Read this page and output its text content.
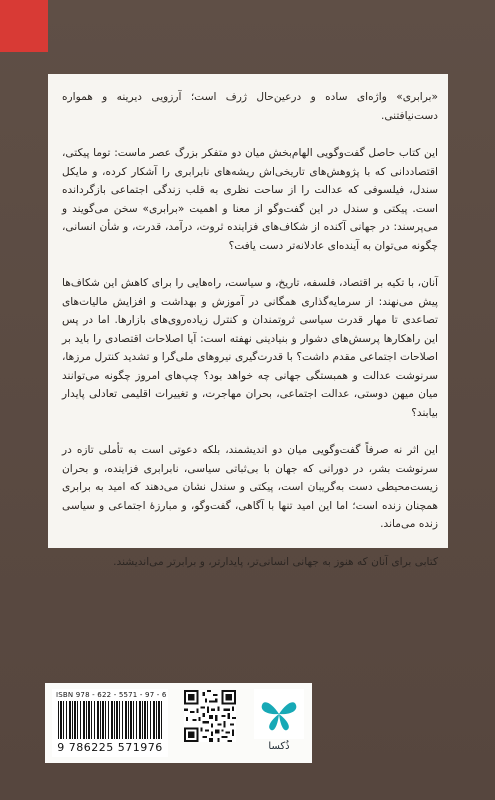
«برابری» واژه‌ای ساده و درعین‌حال ژرف است؛ آرزویی دیرینه و همواره دست‌نیافتنی.

این کتاب حاصل گفت‌وگویی الهام‌بخش میان دو متفکر بزرگ عصر ماست: توما پیکتی، اقتصاددانی که با پژوهش‌های تاریخی‌اش ریشه‌های نابرابری را آشکار کرده، و مایکل سندل، فیلسوفی که عدالت را از ساحت نظری به قلب زندگی اجتماعی بازگردانده است. پیکتی و سندل در این گفت‌وگو از معنا و اهمیت «برابری» سخن می‌گویند و می‌پرسند: در جهانی آکنده از شکاف‌های فزاینده ثروت، درآمد، قدرت، و شأن انسانی، چگونه می‌توان به آینده‌ای عادلانه‌تر دست یافت؟

آنان، با تکیه بر اقتصاد، فلسفه، تاریخ، و سیاست، راه‌هایی را برای کاهش این شکاف‌ها پیش می‌نهند: از سرمایه‌گذاری همگانی در آموزش و بهداشت و افزایش مالیات‌های تصاعدی تا مهار قدرت سیاسی ثروتمندان و کنترل زیاده‌روی‌های بازارها. اما در پس این راهکارها پرسش‌های دشوار و بنیادینی نهفته است: آیا اصلاحات اقتصادی را باید بر اصلاحات اجتماعی مقدم داشت؟ با قدرت‌گیری نیروهای ملی‌گرا و تشدید کنترل مرزها، سرنوشت عدالت و همبستگی جهانی چه خواهد بود؟ چپ‌های امروز چگونه می‌توانند میان میهن دوستی، عدالت اجتماعی، بحران مهاجرت، و تغییرات اقلیمی تعادلی پایدار بیابند؟

این اثر نه صرفاً گفت‌وگویی میان دو اندیشمند، بلکه دعوتی است به تأملی تازه در سرنوشت بشر، در دورانی که جهان با بی‌ثباتی سیاسی، نابرابری فزاینده، و بحران زیست‌محیطی دست به‌گریبان است، پیکتی و سندل نشان می‌دهند که امید به برابری همچنان زنده است؛ اما این امید تنها با آگاهی، گفت‌وگو، و مبارزهٔ اجتماعی و سیاسی زنده می‌ماند.

کتابی برای آنان که هنوز به جهانی انسانی‌تر، پایدارتر، و برابرتر می‌اندیشند.

ISBN 978 - 622 - 5571 - 97 - 6
9 786225 571976	ذُکسا
